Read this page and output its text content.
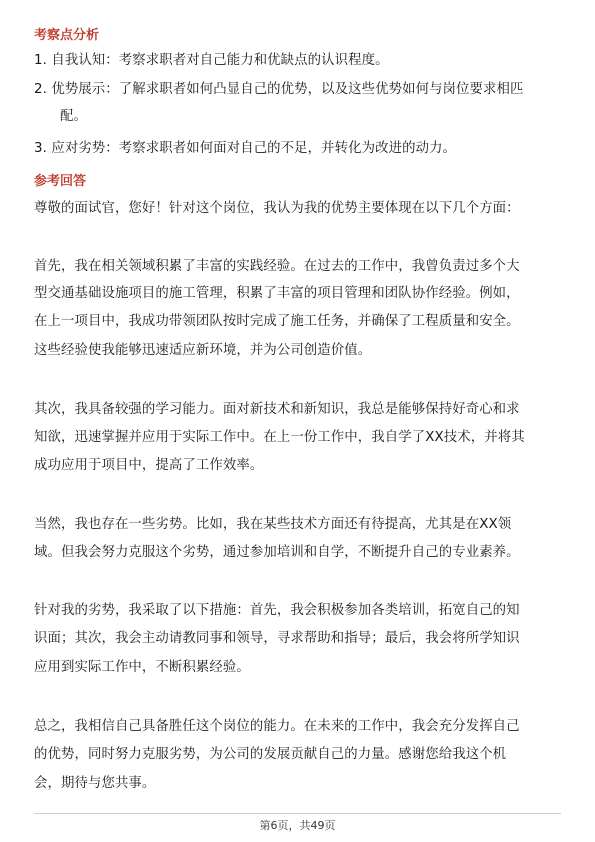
考察点分析
1. 自我认知：考察求职者对自己能力和优缺点的认识程度。
2. 优势展示：了解求职者如何凸显自己的优势，以及这些优势如何与岗位要求相匹
配。
3. 应对劣势：考察求职者如何面对自己的不足，并转化为改进的动力。
参考回答
尊敬的面试官，您好！针对这个岗位，我认为我的优势主要体现在以下几个方面：
首先，我在相关领域积累了丰富的实践经验。在过去的工作中，我曾负责过多个大
型交通基础设施项目的施工管理，积累了丰富的项目管理和团队协作经验。例如，
在上一项目中，我成功带领团队按时完成了施工任务，并确保了工程质量和安全。
这些经验使我能够迅速适应新环境，并为公司创造价值。
其次，我具备较强的学习能力。面对新技术和新知识，我总是能够保持好奇心和求
知欲，迅速掌握并应用于实际工作中。在上一份工作中，我自学了XX技术，并将其
成功应用于项目中，提高了工作效率。
当然，我也存在一些劣势。比如，我在某些技术方面还有待提高，尤其是在XX领
域。但我会努力克服这个劣势，通过参加培训和自学，不断提升自己的专业素养。
针对我的劣势，我采取了以下措施：首先，我会积极参加各类培训，拓宽自己的知
识面；其次，我会主动请教同事和领导，寻求帮助和指导；最后，我会将所学知识
应用到实际工作中，不断积累经验。
总之，我相信自己具备胜任这个岗位的能力。在未来的工作中，我会充分发挥自己
的优势，同时努力克服劣势，为公司的发展贡献自己的力量。感谢您给我这个机
会，期待与您共事。
第6页，共49页
